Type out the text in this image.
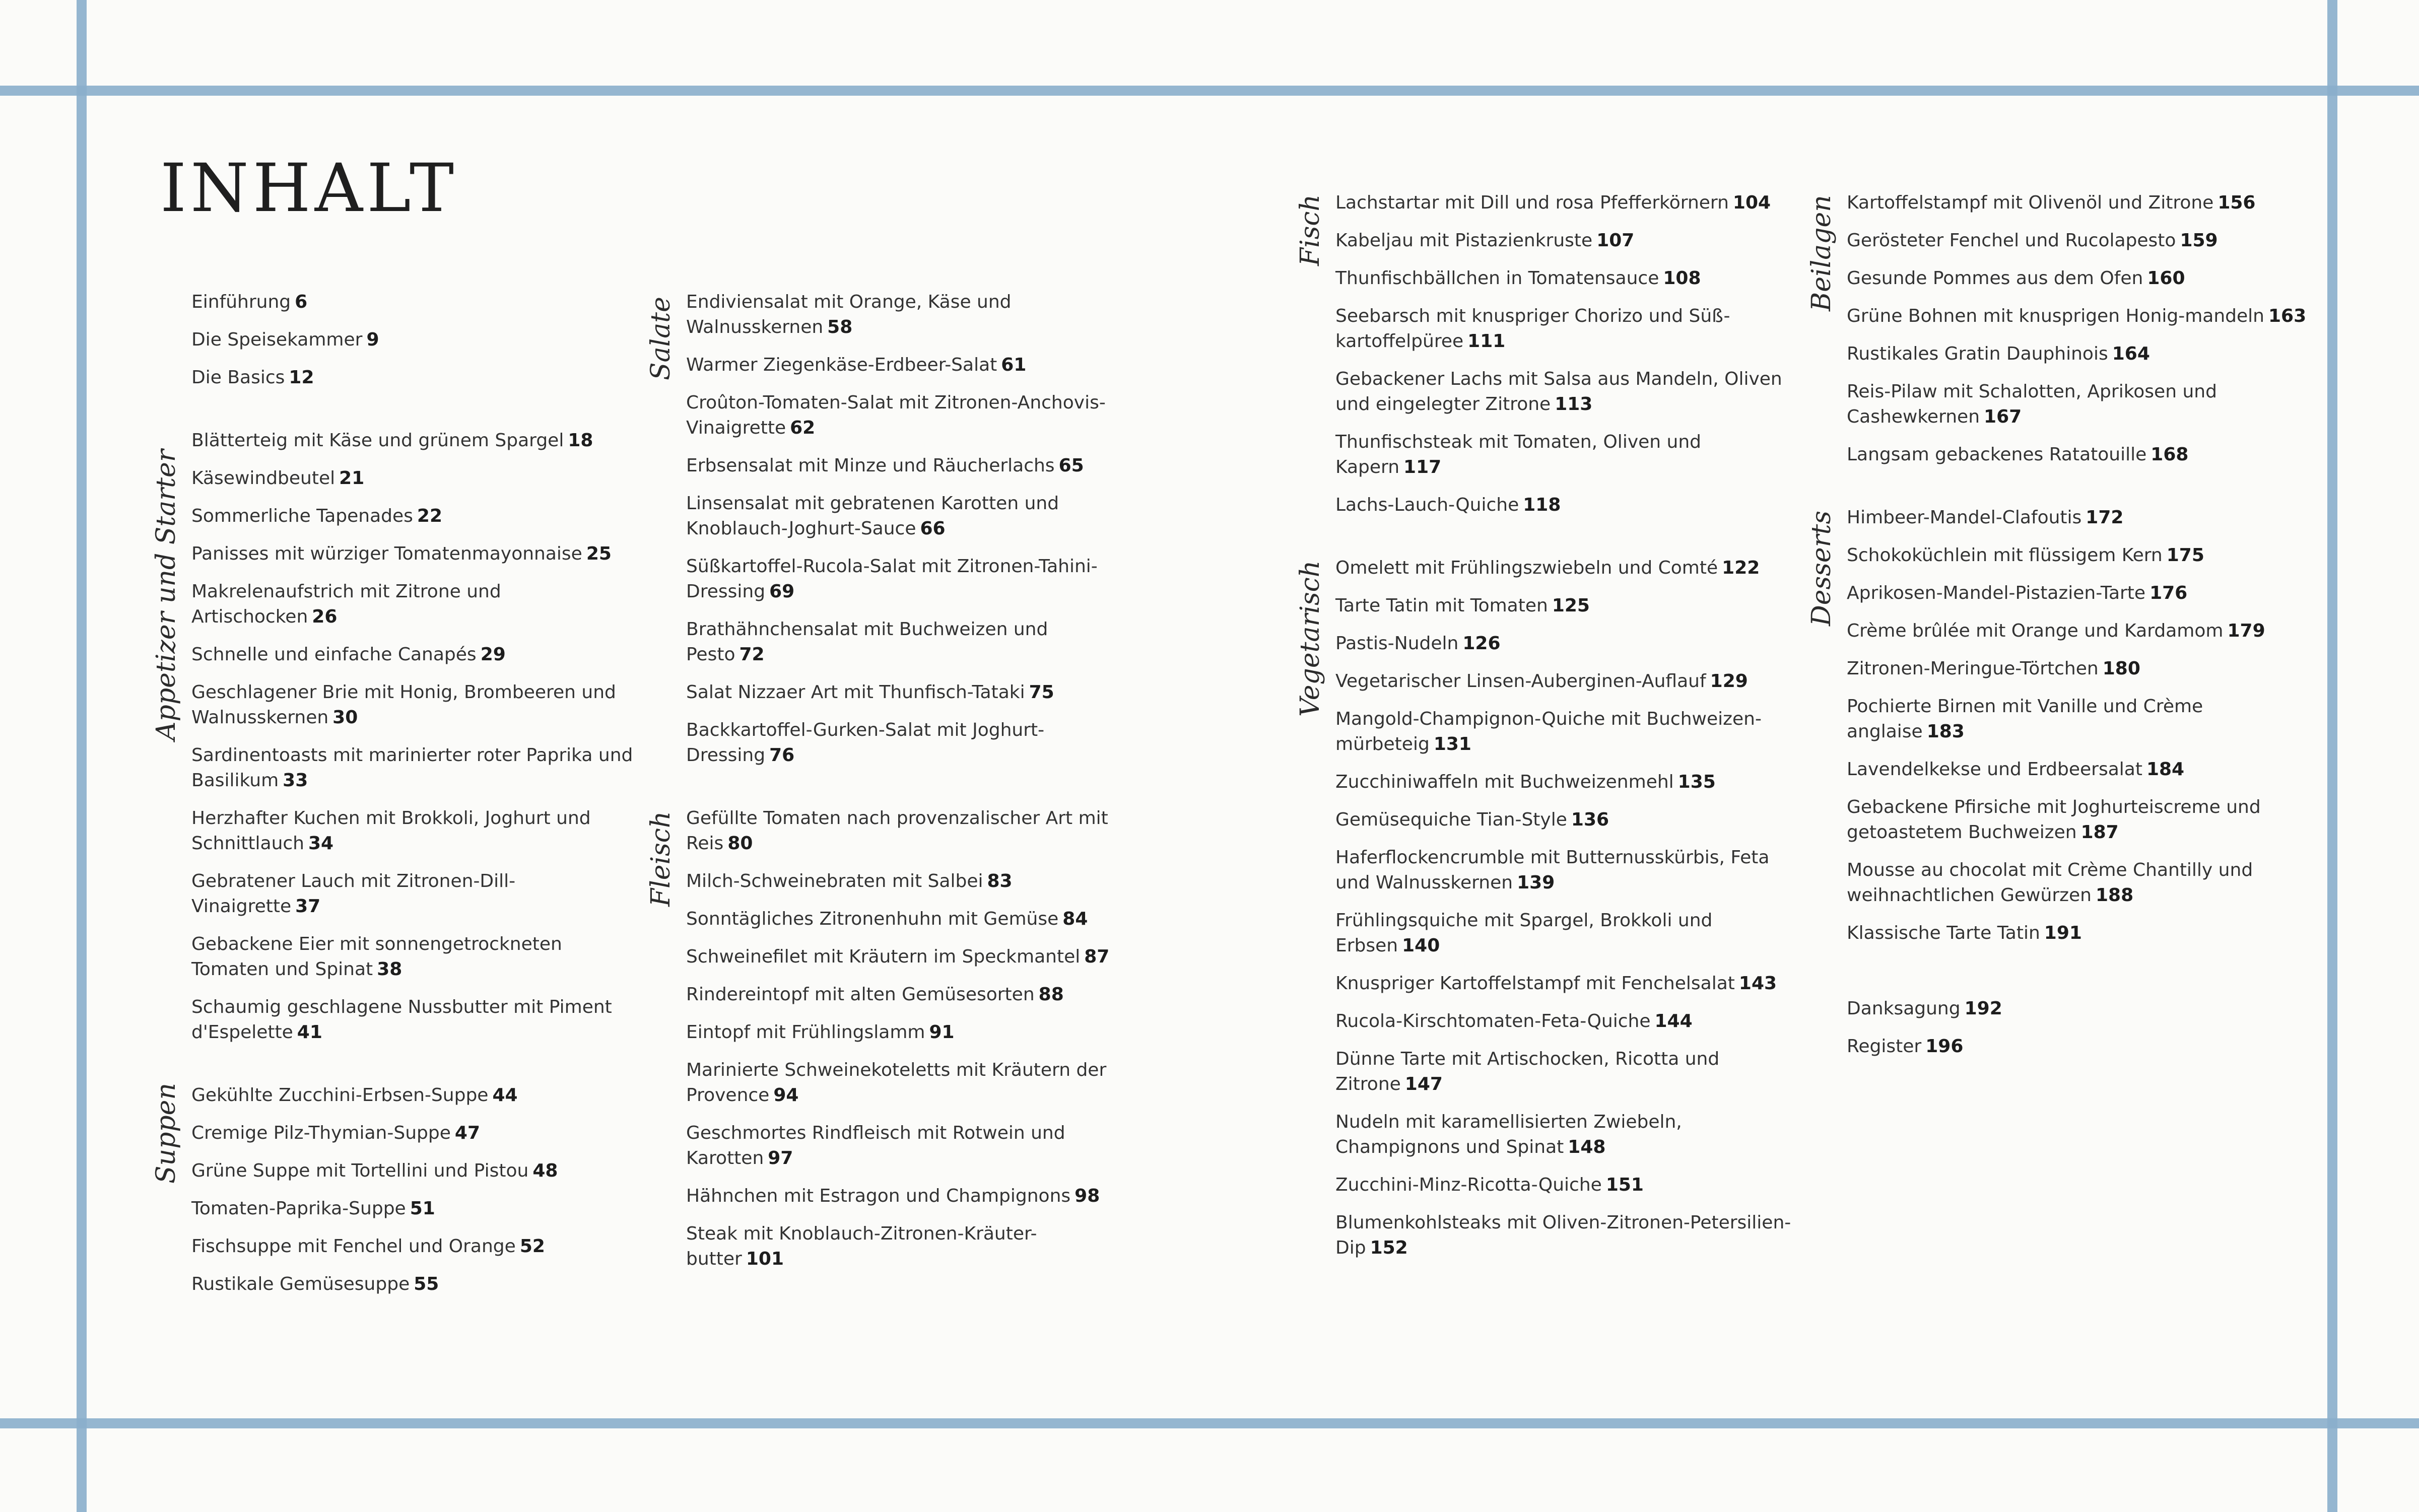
INHALT
Einführung 6
Die Speisekammer 9
Die Basics 12
Appetizer und Starter
Blätterteig mit Käse und grünem Spargel 18
Käsewindbeutel 21
Sommerliche Tapenades 22
Panisses mit würziger Tomatenmayonnaise 25
Makrelenaufstrich mit Zitrone und Artischocken 26
Schnelle und einfache Canapés 29
Geschlagener Brie mit Honig, Brombeeren und Walnusskernen 30
Sardinentoasts mit marinierter roter Paprika und Basilikum 33
Herzhafter Kuchen mit Brokkoli, Joghurt und Schnittlauch 34
Gebratener Lauch mit Zitronen-Dill-Vinaigrette 37
Gebackene Eier mit sonnengetrockneten Tomaten und Spinat 38
Schaumig geschlagene Nussbutter mit Piment d'Espelette 41
Suppen Gekühlte Zucchini-Erbsen-Suppe 44
Cremige Pilz-Thymian-Suppe 47
Grüne Suppe mit Tortellini und Pistou 48
Tomaten-Paprika-Suppe 51
Fischsuppe mit Fenchel und Orange 52
Rustikale Gemüsesuppe 55
Salate Endiviensalat mit Orange, Käse und Walnusskernen 58
Warmer Ziegenkäse-Erdbeer-Salat 61
Croûton-Tomaten-Salat mit Zitronen-Anchovis-Vinaigrette 62
Erbsensalat mit Minze und Räucherlachs 65
Linsensalat mit gebratenen Karotten und Knoblauch-Joghurt-Sauce 66
Süßkartoffel-Rucola-Salat mit Zitronen-Tahini-Dressing 69
Brathähnchensalat mit Buchweizen und Pesto 72
Salat Nizzaer Art mit Thunfisch-Tataki 75
Backkartoffel-Gurken-Salat mit Joghurt-Dressing 76
Fleisch Gefüllte Tomaten nach provenzalischer Art mit Reis 80
Milch-Schweinebraten mit Salbei 83
Sonntägliches Zitronenhuhn mit Gemüse 84
Schweinefilet mit Kräutern im Speckmantel 87
Rindereintopf mit alten Gemüsesorten 88
Eintopf mit Frühlingslamm 91
Marinierte Schweinekoteletts mit Kräutern der Provence 94
Geschmortes Rindfleisch mit Rotwein und Karotten 97
Hähnchen mit Estragon und Champignons 98
Steak mit Knoblauch-Zitronen-Kräuter-butter 101
Fisch Lachstartar mit Dill und rosa Pfefferkörnern 104
Kabeljau mit Pistazienkruste 107
Thunfischbällchen in Tomatensauce 108
Seebarsch mit knuspriger Chorizo und Süß-kartoffelpüree 111
Gebackener Lachs mit Salsa aus Mandeln, Oliven und eingelegter Zitrone 113
Thunfischsteak mit Tomaten, Oliven und Kapern 117
Lachs-Lauch-Quiche 118
Vegetarisch Omelett mit Frühlingszwiebeln und Comté 122
Tarte Tatin mit Tomaten 125
Pastis-Nudeln 126
Vegetarischer Linsen-Auberginen-Auflauf 129
Mangold-Champignon-Quiche mit Buchweizen-mürbeteig 131
Zucchiniwaffeln mit Buchweizenmehl 135
Gemüsequiche Tian-Style 136
Haferflockencrumble mit Butternusskürbis, Feta und Walnusskernen 139
Frühlingsquiche mit Spargel, Brokkoli und Erbsen 140
Knuspriger Kartoffelstampf mit Fenchelsalat 143
Rucola-Kirschtomaten-Feta-Quiche 144
Dünne Tarte mit Artischocken, Ricotta und Zitrone 147
Nudeln mit karamellisierten Zwiebeln, Champignons und Spinat 148
Zucchini-Minz-Ricotta-Quiche 151
Blumenkohlsteaks mit Oliven-Zitronen-Petersilien-Dip 152
Beilagen Kartoffelstampf mit Olivenöl und Zitrone 156
Gerösteter Fenchel und Rucolapesto 159
Gesunde Pommes aus dem Ofen 160
Grüne Bohnen mit knusprigen Honig-mandeln 163
Rustikales Gratin Dauphinois 164
Reis-Pilaw mit Schalotten, Aprikosen und Cashewkernen 167
Langsam gebackenes Ratatouille 168
Desserts Himbeer-Mandel-Clafoutis 172
Schokoküchlein mit flüssigem Kern 175
Aprikosen-Mandel-Pistazien-Tarte 176
Crème brûlée mit Orange und Kardamom 179
Zitronen-Meringue-Törtchen 180
Pochierte Birnen mit Vanille und Crème anglaise 183
Lavendelkekse und Erdbeersalat 184
Gebackene Pfirsiche mit Joghurteiscreme und getoastetem Buchweizen 187
Mousse au chocolat mit Crème Chantilly und weihnachtlichen Gewürzen 188
Klassische Tarte Tatin 191
Danksagung 192
Register 196
